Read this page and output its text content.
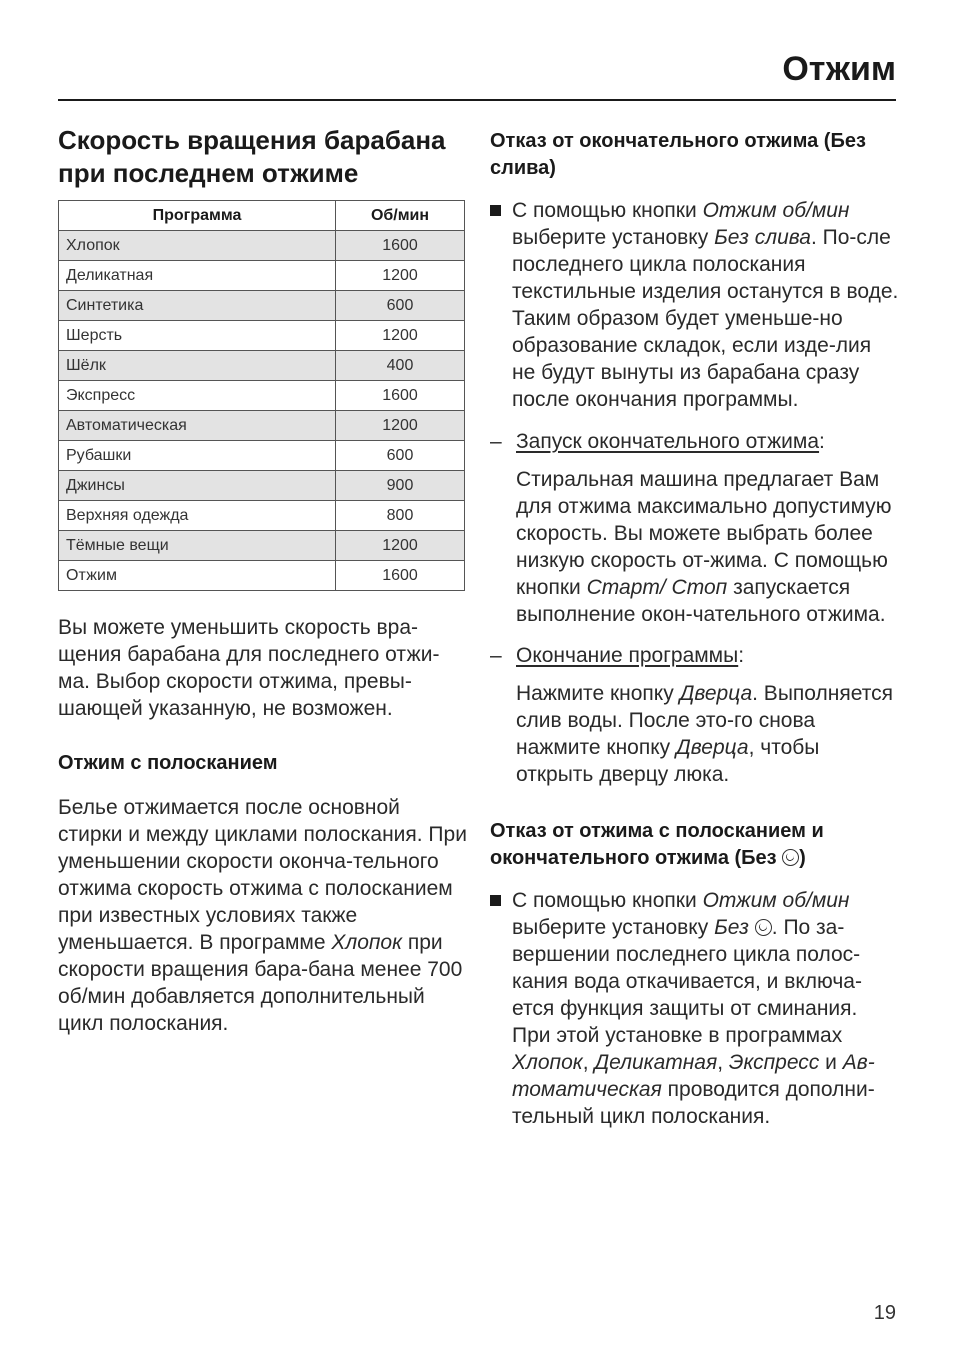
Отжим
Скорость вращения барабана при последнем отжиме
Программа	Об/мин
Хлопок	1600
Деликатная	1200
Синтетика	600
Шерсть	1200
Шёлк	400
Экспресс	1600
Автоматическая	1200
Рубашки	600
Джинсы	900
Верхняя одежда	800
Тёмные вещи	1200
Отжим	1600

Вы можете уменьшить скорость вра-щения барабана для последнего отжи-ма. Выбор скорости отжима, превы-шающей указанную, не возможен.

Отжим с полосканием

Белье отжимается после основной стирки и между циклами полоскания. При уменьшении скорости оконча-тельного отжима скорость отжима с полосканием при известных условиях также уменьшается. В программе Хлопок при скорости вращения бара-бана менее 700 об/мин добавляется дополнительный цикл полоскания.

Отказ от окончательного отжима (Без слива)

С помощью кнопки Отжим об/мин выберите установку Без слива. По-сле последнего цикла полоскания текстильные изделия останутся в воде. Таким образом будет уменьше-но образование складок, если изде-лия не будут вынуты из барабана сразу после окончания программы.

– Запуск окончательного отжима:

Стиральная машина предлагает Вам для отжима максимально допустимую скорость. Вы можете выбрать более низкую скорость от-жима. С помощью кнопки Старт/ Стоп запускается выполнение окон-чательного отжима.

– Окончание программы:

Нажмите кнопку Дверца. Выполняется слив воды. После это-го снова нажмите кнопку Дверца, чтобы открыть дверцу люка.

Отказ от отжима с полосканием и окончательного отжима (Без )

С помощью кнопки Отжим об/мин выберите установку Без . По за-вершении последнего цикла полос-кания вода откачивается, и включа-ется функция защиты от сминания. При этой установке в программах Хлопок, Деликатная, Экспресс и Ав-томатическая проводится дополни-тельный цикл полоскания.

19
